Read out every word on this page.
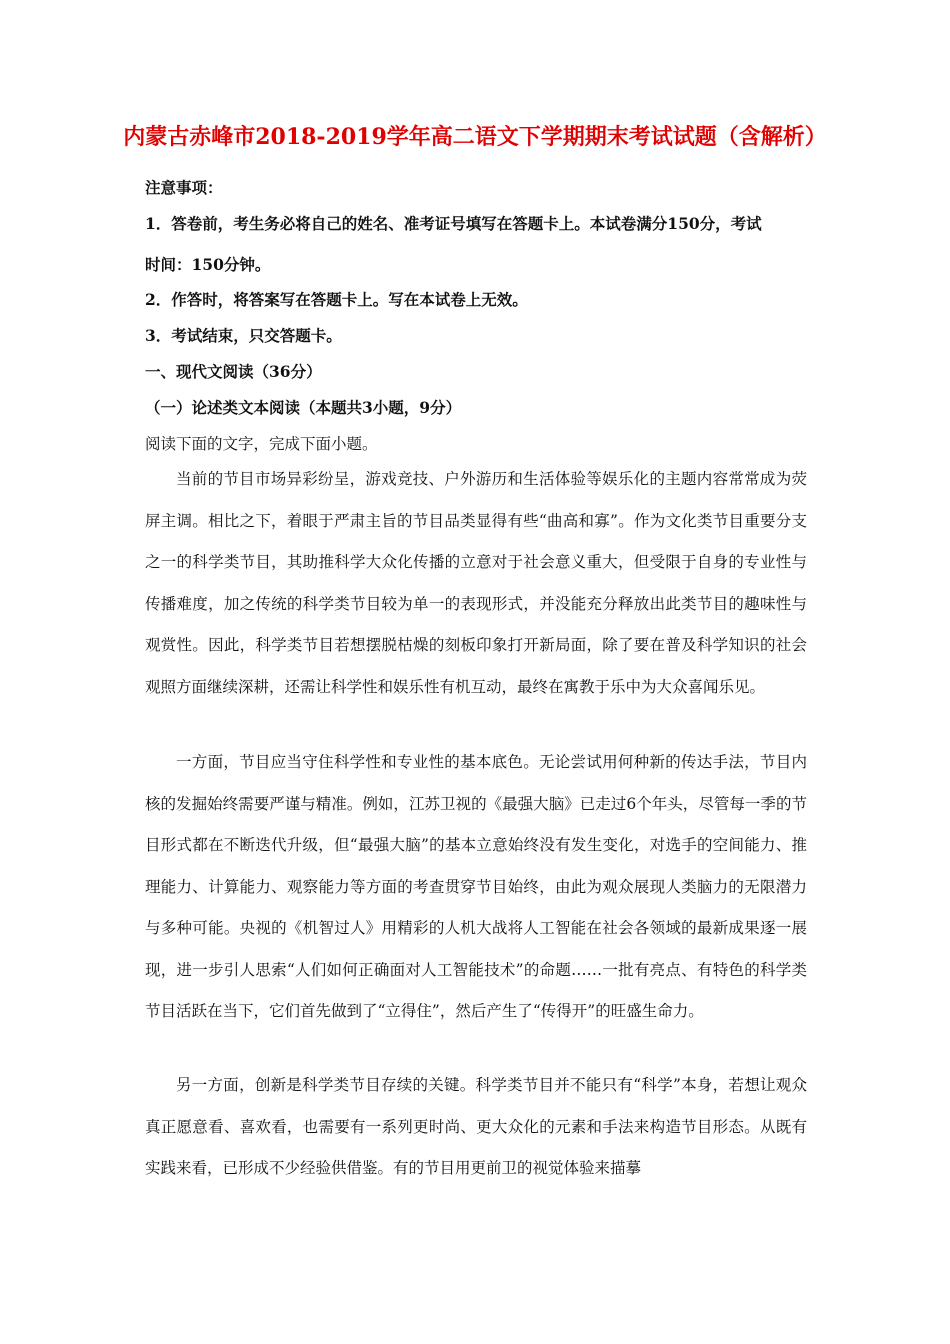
内蒙古赤峰市2018-2019学年高二语文下学期期末考试试题（含解析）
注意事项：
1．答卷前，考生务必将自己的姓名、准考证号填写在答题卡上。本试卷满分150分，考试
时间：150分钟。
2．作答时，将答案写在答题卡上。写在本试卷上无效。
3．考试结束，只交答题卡。
一、现代文阅读（36分）
（一）论述类文本阅读（本题共3小题，9分）
阅读下面的文字，完成下面小题。
当前的节目市场异彩纷呈，游戏竞技、户外游历和生活体验等娱乐化的主题内容常常成为荧屏主调。相比之下，着眼于严肃主旨的节目品类显得有些“曲高和寡”。作为文化类节目重要分支之一的科学类节目，其助推科学大众化传播的立意对于社会意义重大，但受限于自身的专业性与传播难度，加之传统的科学类节目较为单一的表现形式，并没能充分释放出此类节目的趣味性与观赏性。因此，科学类节目若想摆脱枯燥的刻板印象打开新局面，除了要在普及科学知识的社会观照方面继续深耕，还需让科学性和娱乐性有机互动，最终在寓教于乐中为大众喜闻乐见。
一方面，节目应当守住科学性和专业性的基本底色。无论尝试用何种新的传达手法，节目内核的发掘始终需要严谨与精准。例如，江苏卫视的《最强大脑》已走过6个年头，尽管每一季的节目形式都在不断迭代升级，但“最强大脑”的基本立意始终没有发生变化，对选手的空间能力、推理能力、计算能力、观察能力等方面的考查贯穿节目始终，由此为观众展现人类脑力的无限潜力与多种可能。央视的《机智过人》用精彩的人机大战将人工智能在社会各领域的最新成果逐一展现，进一步引人思索“人们如何正确面对人工智能技术”的命题……一批有亮点、有特色的科学类节目活跃在当下，它们首先做到了“立得住”，然后产生了“传得开”的旺盛生命力。
另一方面，创新是科学类节目存续的关键。科学类节目并不能只有“科学”本身，若想让观众真正愿意看、喜欢看，也需要有一系列更时尚、更大众化的元素和手法来构造节目形态。从既有实践来看，已形成不少经验供借鉴。有的节目用更前卫的视觉体验来描摹
